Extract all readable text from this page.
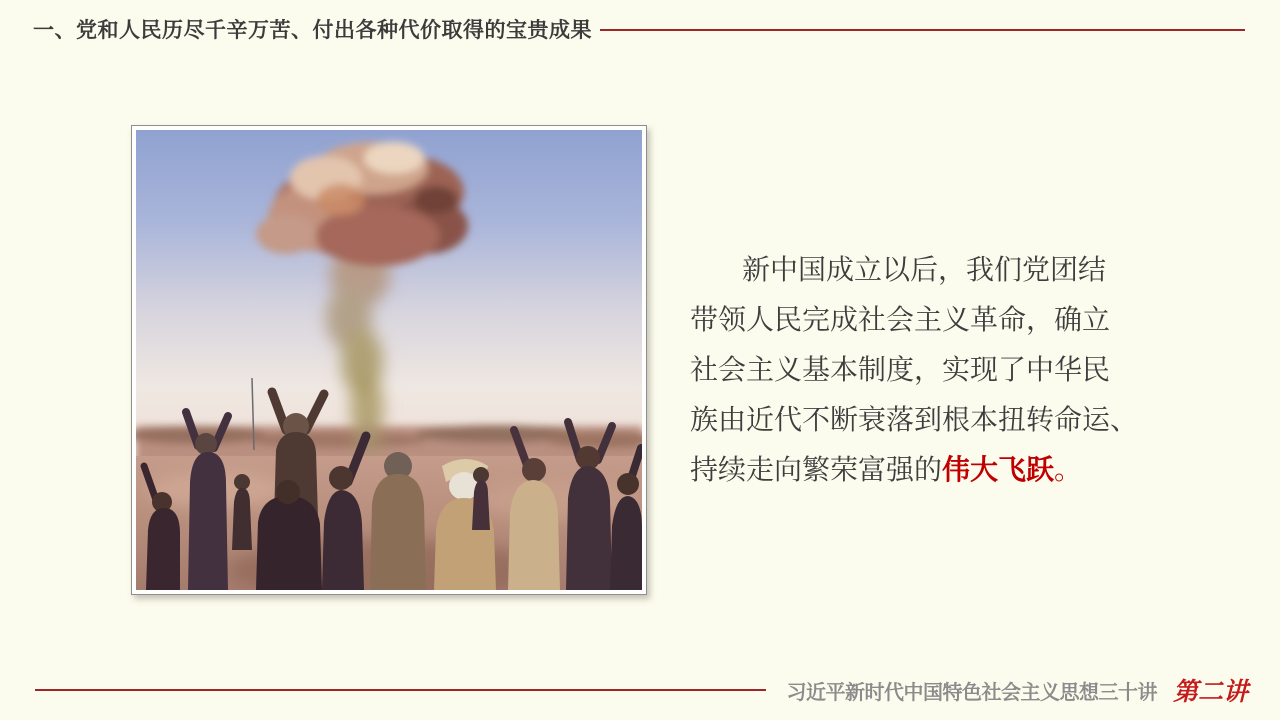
一、党和人民历尽千辛万苦、付出各种代价取得的宝贵成果
新中国成立以后，我们党团结
带领人民完成社会主义革命，确立
社会主义基本制度，实现了中华民
族由近代不断衰落到根本扭转命运、
持续走向繁荣富强的伟大飞跃。
习近平新时代中国特色社会主义思想三十讲 第二讲
